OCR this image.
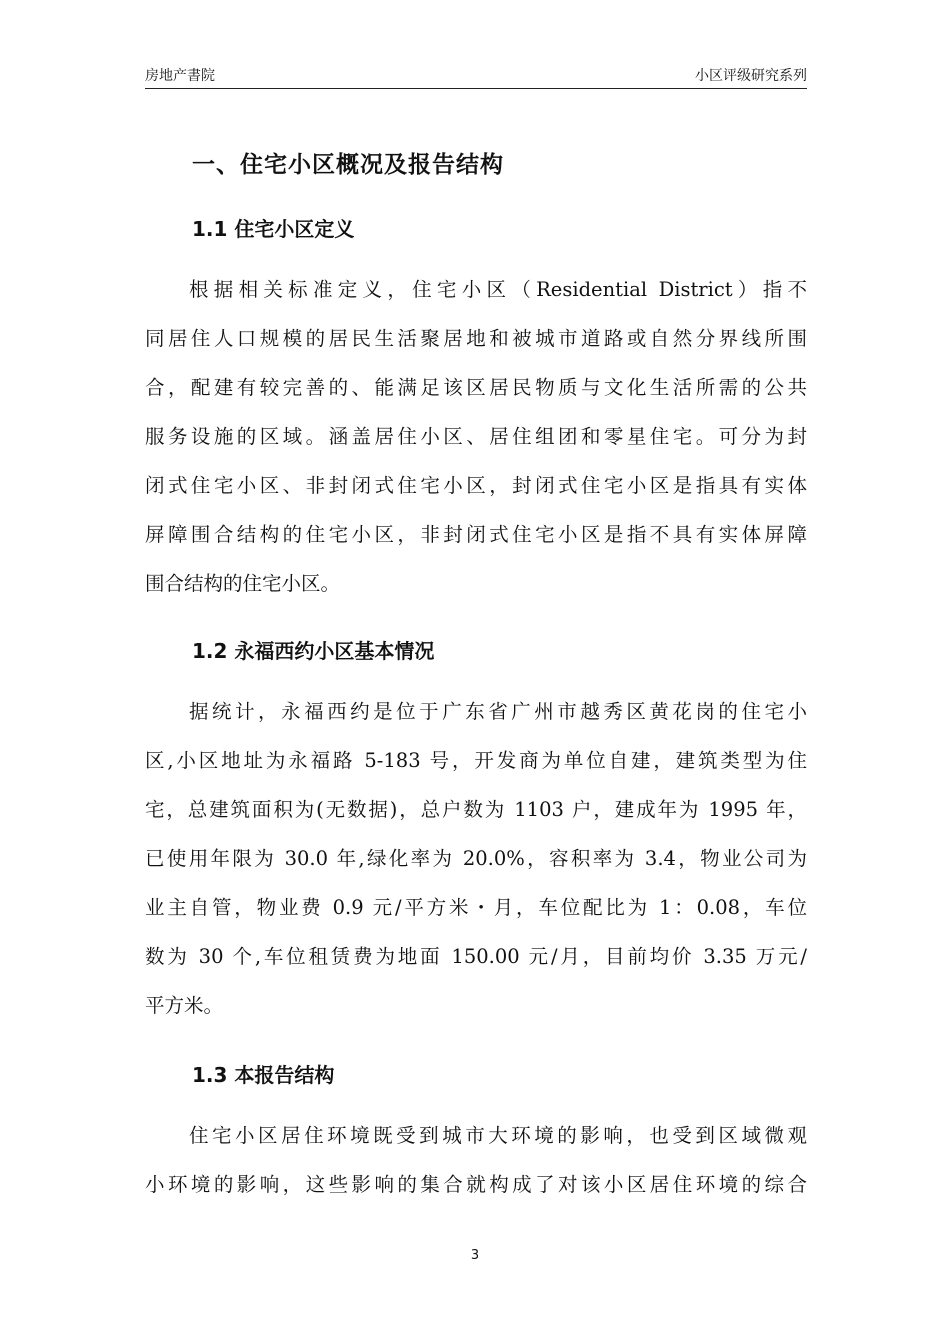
房地产書院	小区评级研究系列
一、住宅小区概况及报告结构
1.1 住宅小区定义
根据相关标准定义，住宅小区（Residential District）指不
同居住人口规模的居民生活聚居地和被城市道路或自然分界线所围
合，配建有较完善的、能满足该区居民物质与文化生活所需的公共
服务设施的区域。涵盖居住小区、居住组团和零星住宅。可分为封
闭式住宅小区、非封闭式住宅小区，封闭式住宅小区是指具有实体
屏障围合结构的住宅小区，非封闭式住宅小区是指不具有实体屏障
围合结构的住宅小区。
1.2 永福西约小区基本情况
据统计，永福西约是位于广东省广州市越秀区黄花岗的住宅小
区,小区地址为永福路 5-183 号，开发商为单位自建，建筑类型为住
宅，总建筑面积为(无数据)，总户数为 1103 户，建成年为 1995 年，
已使用年限为 30.0 年,绿化率为 20.0%，容积率为 3.4，物业公司为
业主自管，物业费 0.9 元/平方米・月，车位配比为 1：0.08，车位
数为 30 个,车位租赁费为地面 150.00 元/月，目前均价 3.35 万元/
平方米。
1.3 本报告结构
住宅小区居住环境既受到城市大环境的影响，也受到区域微观
小环境的影响，这些影响的集合就构成了对该小区居住环境的综合
3
